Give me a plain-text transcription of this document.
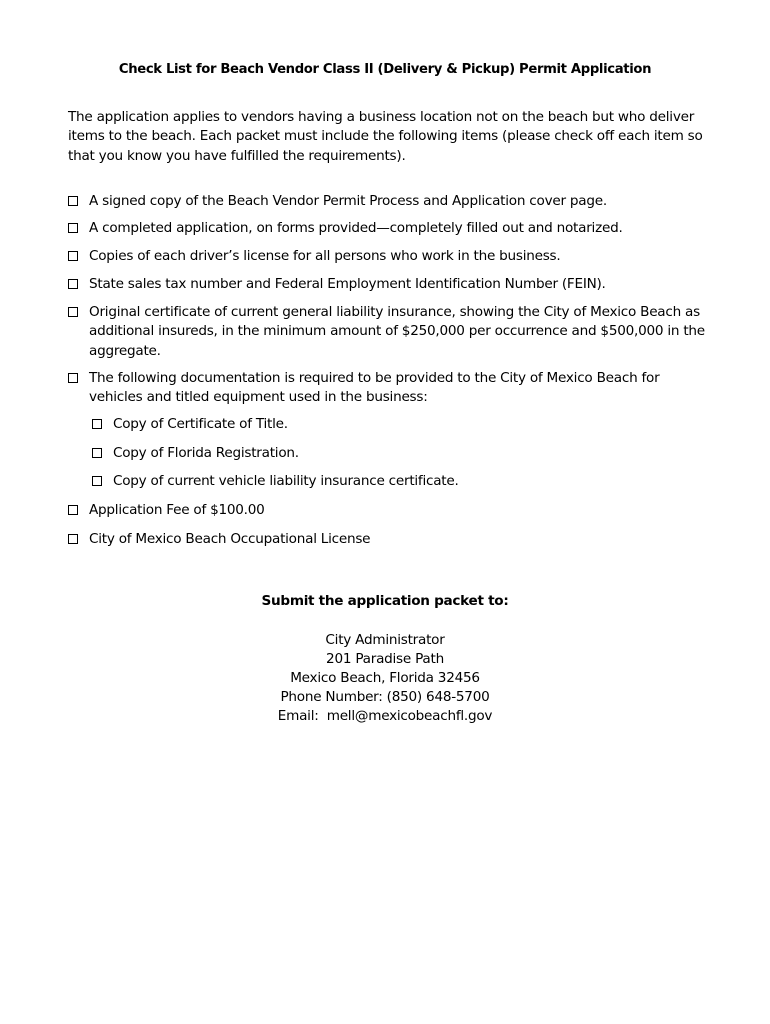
Check List for Beach Vendor Class II (Delivery & Pickup) Permit Application

The application applies to vendors having a business location not on the beach but who deliver items to the beach. Each packet must include the following items (please check off each item so that you know you have fulfilled the requirements).

A signed copy of the Beach Vendor Permit Process and Application cover page.
A completed application, on forms provided—completely filled out and notarized.
Copies of each driver’s license for all persons who work in the business.
State sales tax number and Federal Employment Identification Number (FEIN).
Original certificate of current general liability insurance, showing the City of Mexico Beach as additional insureds, in the minimum amount of $250,000 per occurrence and $500,000 in the aggregate.
The following documentation is required to be provided to the City of Mexico Beach for vehicles and titled equipment used in the business:
Copy of Certificate of Title.
Copy of Florida Registration.
Copy of current vehicle liability insurance certificate.
Application Fee of $100.00
City of Mexico Beach Occupational License
Submit the application packet to:
City Administrator
201 Paradise Path
Mexico Beach, Florida 32456
Phone Number: (850) 648-5700
Email:  mell@mexicobeachfl.gov
